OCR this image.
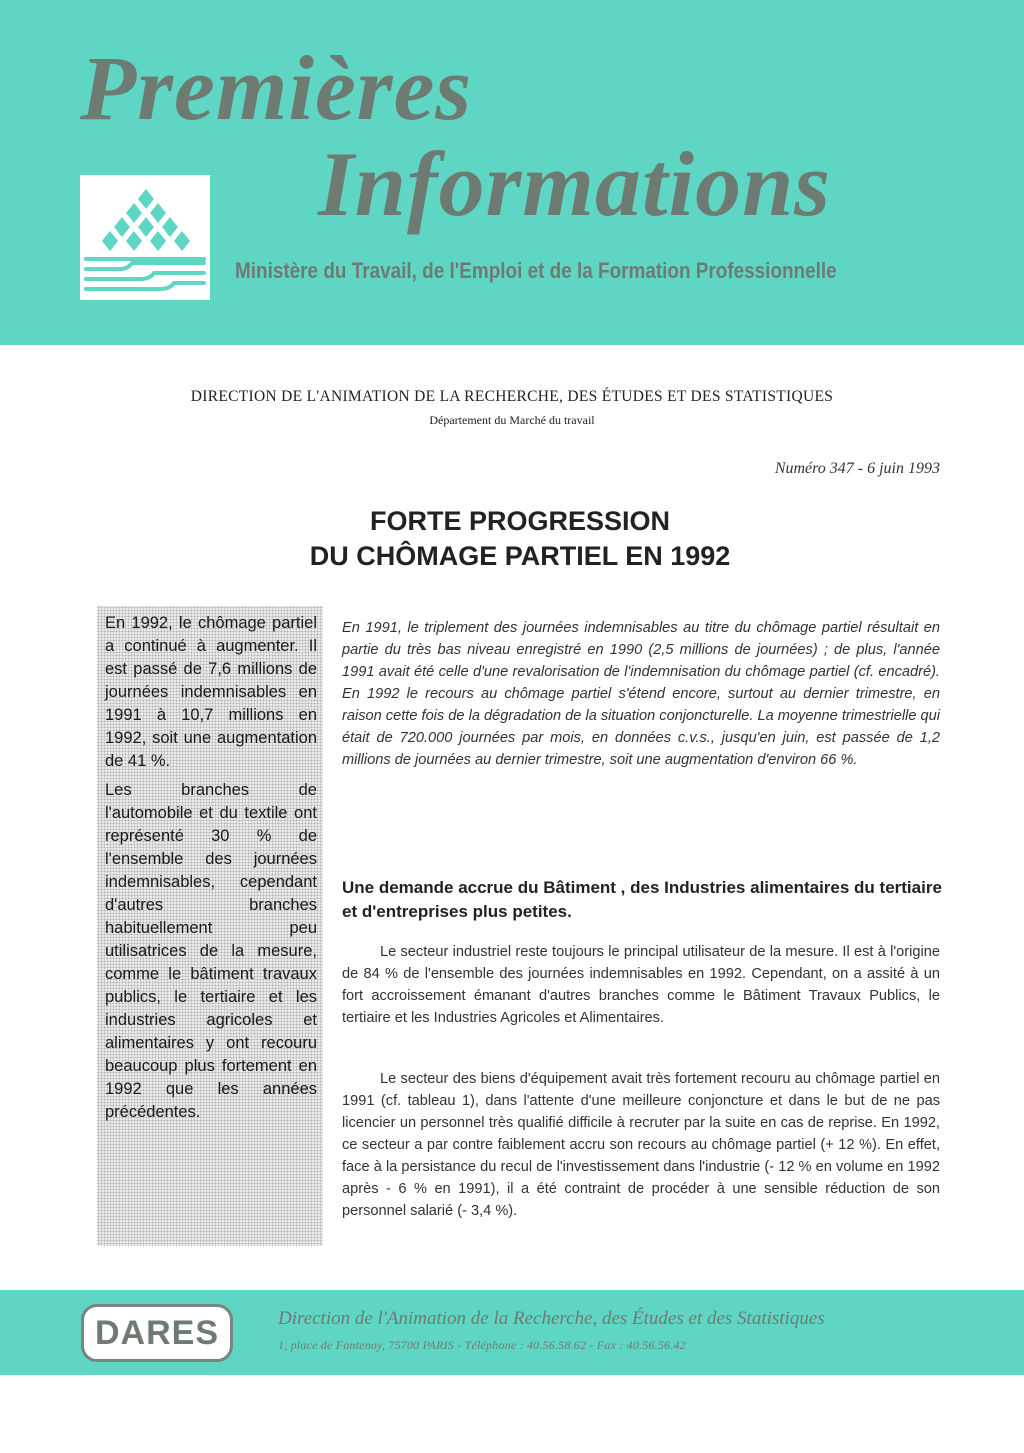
Premières
Informations
Ministère du Travail, de l'Emploi et de la Formation Professionnelle
DIRECTION DE L'ANIMATION DE LA RECHERCHE, DES ÉTUDES ET DES STATISTIQUES
Département du Marché du travail
Numéro 347 - 6 juin 1993
FORTE PROGRESSION
DU CHÔMAGE PARTIEL EN 1992

En 1992, le chômage partiel a continué à augmenter. Il est passé de 7,6 millions de journées indemnisables en 1991 à 10,7 millions en 1992, soit une augmentation de 41 %.

Les branches de l'automobile et du textile ont représenté 30 % de l'ensemble des journées indemnisables, cependant d'autres branches habituellement peu utilisatrices de la mesure, comme le bâtiment travaux publics, le tertiaire et les industries agricoles et alimentaires y ont recouru beaucoup plus fortement en 1992 que les années précédentes.

En 1991, le triplement des journées indemnisables au titre du chômage partiel résultait en partie du très bas niveau enregistré en 1990 (2,5 millions de journées) ; de plus, l'année 1991 avait été celle d'une revalorisation de l'indemnisation du chômage partiel (cf. encadré). En 1992 le recours au chômage partiel s'étend encore, surtout au dernier trimestre, en raison cette fois de la dégradation de la situation conjoncturelle. La moyenne trimestrielle qui était de 720.000 journées par mois, en données c.v.s., jusqu'en juin, est passée de 1,2 millions de journées au dernier trimestre, soit une augmentation d'environ 66 %.

Une demande accrue du Bâtiment , des Industries alimentaires du tertiaire et d'entreprises plus petites.

Le secteur industriel reste toujours le principal utilisateur de la mesure. Il est à l'origine de 84 % de l'ensemble des journées indemnisables en 1992. Cependant, on a assité à un fort accroissement émanant d'autres branches comme le Bâtiment Travaux Publics, le tertiaire et les Industries Agricoles et Alimentaires.

Le secteur des biens d'équipement avait très fortement recouru au chômage partiel en 1991 (cf. tableau 1), dans l'attente d'une meilleure conjoncture et dans le but de ne pas licencier un personnel très qualifié difficile à recruter par la suite en cas de reprise. En 1992, ce secteur a par contre faiblement accru son recours au chômage partiel (+ 12 %). En effet, face à la persistance du recul de l'investissement dans l'industrie (- 12 % en volume en 1992 après - 6 % en 1991), il a été contraint de procéder à une sensible réduction de son personnel salarié (- 3,4 %).

DARES	Direction de l'Animation de la Recherche, des Études et des Statistiques
1, place de Fontenoy, 75700 PARIS - Téléphone : 40.56.58.62 - Fax : 40.56.56.42
